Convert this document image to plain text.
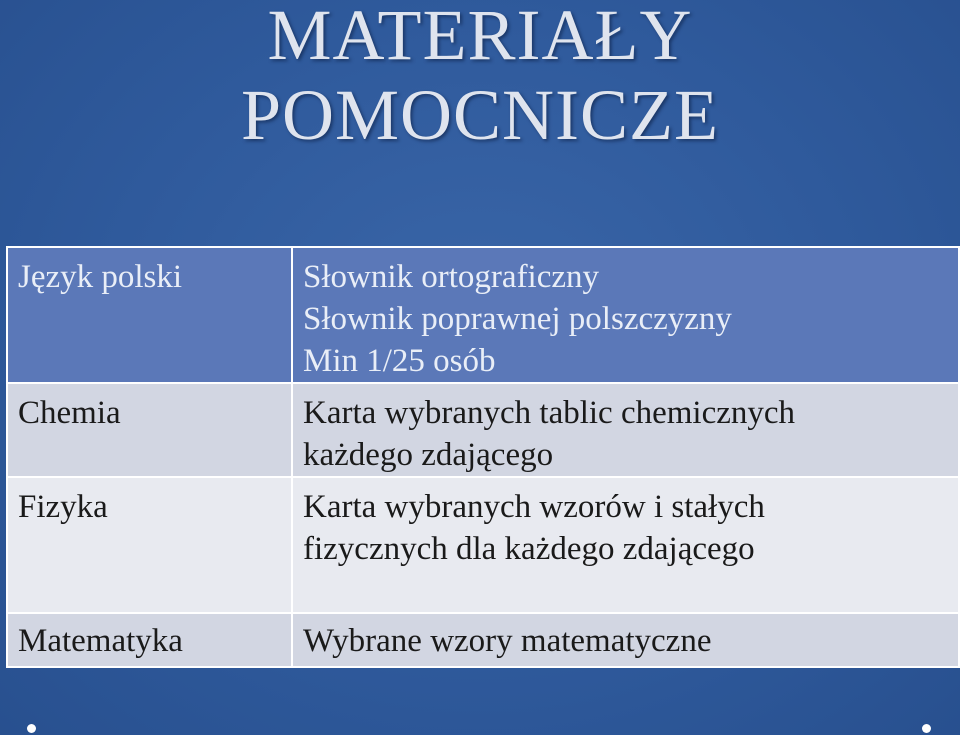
MATERIAŁY
POMOCNICZE
Język polski	Słownik ortograficzny
Słownik poprawnej polszczyzny
Min 1/25 osób

Chemia	Karta wybranych tablic chemicznych
każdego zdającego

Fizyka	Karta wybranych wzorów i stałych
fizycznych dla każdego zdającego

Matematyka	Wybrane wzory matematyczne
